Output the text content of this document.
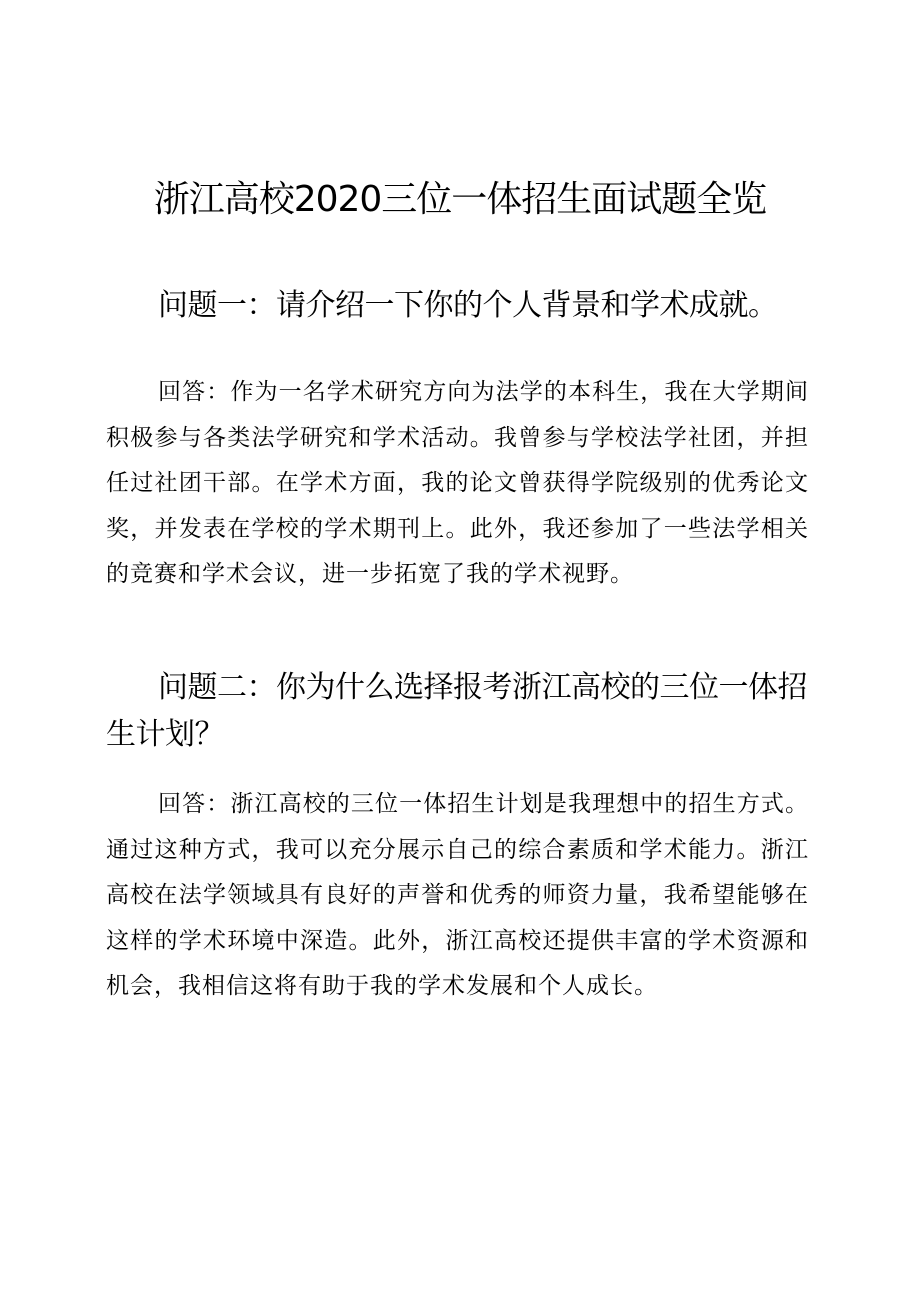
浙江高校2020三位一体招生面试题全览

问题一：请介绍一下你的个人背景和学术成就。

回答：作为一名学术研究方向为法学的本科生，我在大学期间积极参与各类法学研究和学术活动。我曾参与学校法学社团，并担任过社团干部。在学术方面，我的论文曾获得学院级别的优秀论文奖，并发表在学校的学术期刊上。此外，我还参加了一些法学相关的竞赛和学术会议，进一步拓宽了我的学术视野。

问题二：你为什么选择报考浙江高校的三位一体招生计划？

回答：浙江高校的三位一体招生计划是我理想中的招生方式。通过这种方式，我可以充分展示自己的综合素质和学术能力。浙江高校在法学领域具有良好的声誉和优秀的师资力量，我希望能够在这样的学术环境中深造。此外，浙江高校还提供丰富的学术资源和机会，我相信这将有助于我的学术发展和个人成长。
